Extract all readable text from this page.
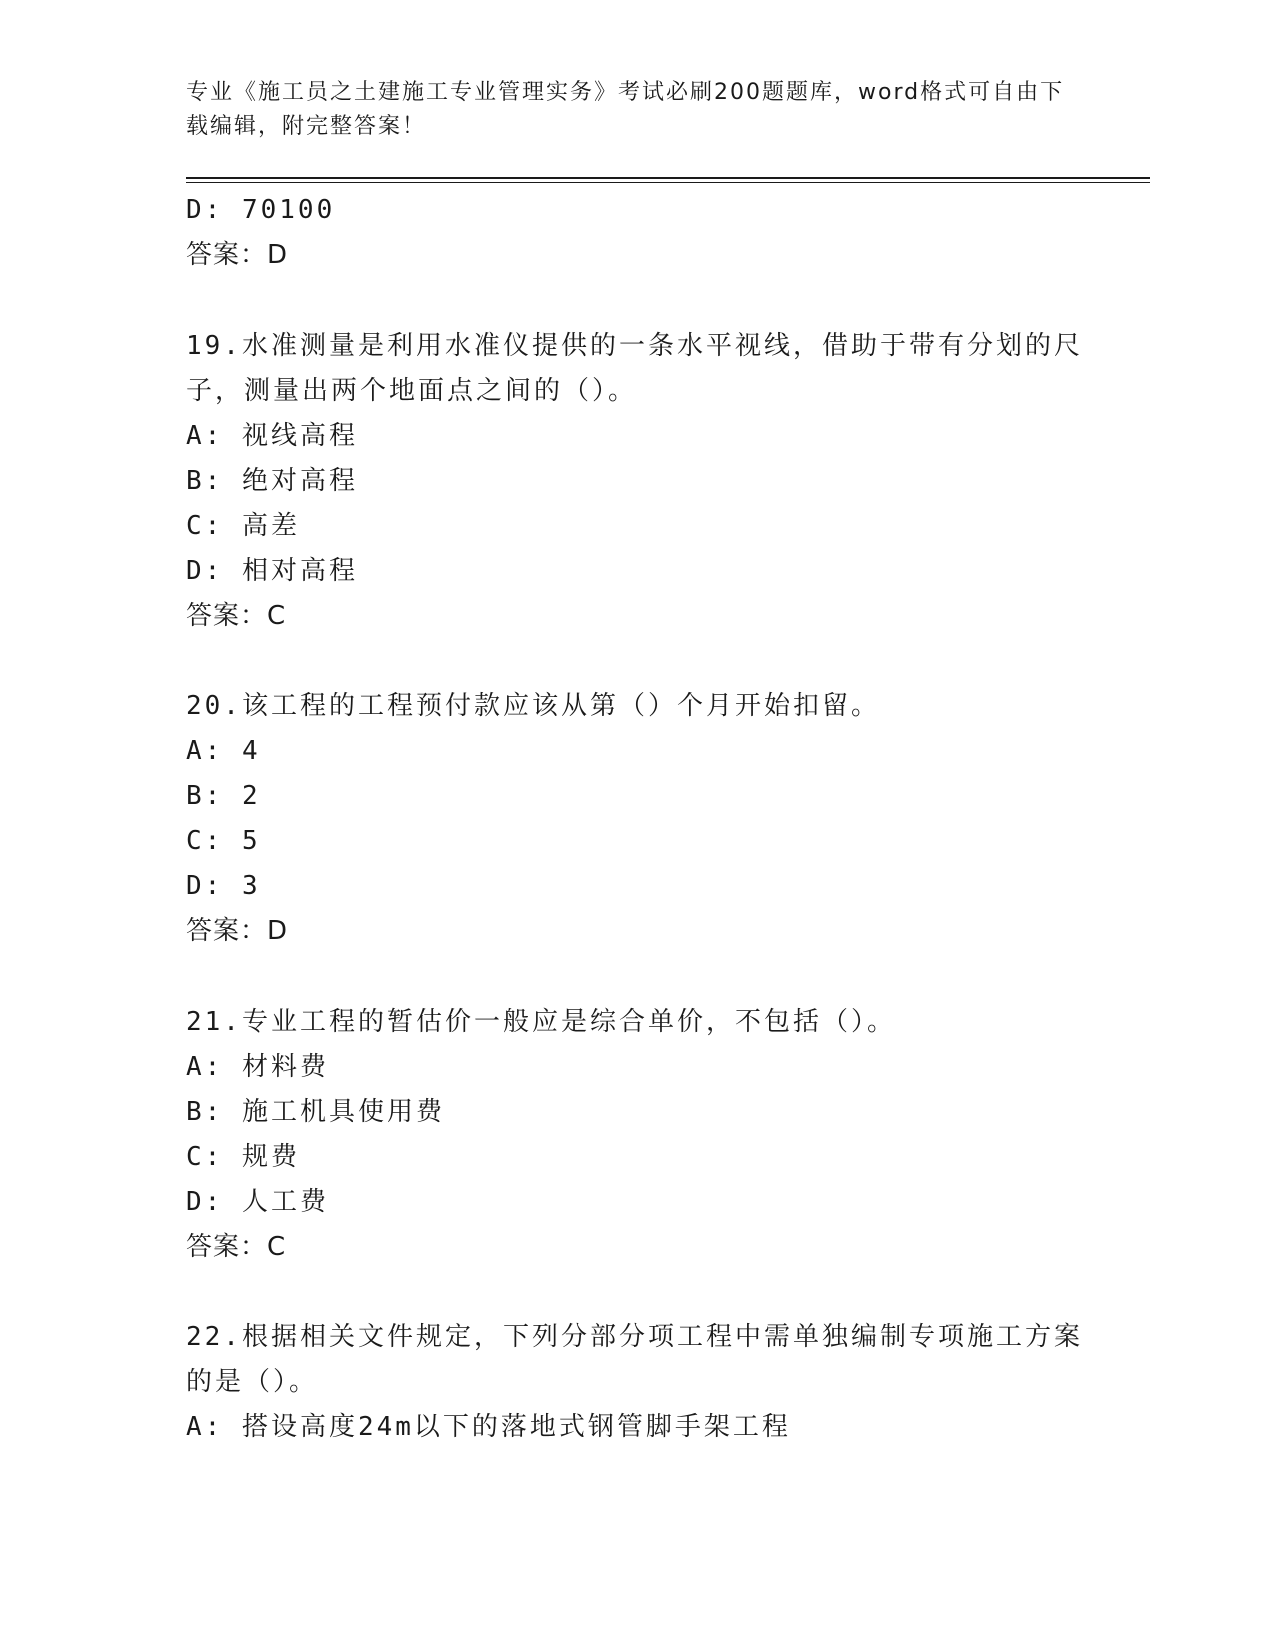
专业《施工员之土建施工专业管理实务》考试必刷200题题库，word格式可自由下载编辑，附完整答案！
D: 70100
答案：D
19.水准测量是利用水准仪提供的一条水平视线，借助于带有分划的尺
子，测量出两个地面点之间的（）。
A: 视线高程
B: 绝对高程
C: 高差
D: 相对高程
答案：C
20.该工程的工程预付款应该从第（）个月开始扣留。
A: 4
B: 2
C: 5
D: 3
答案：D
21.专业工程的暂估价一般应是综合单价，不包括（）。
A: 材料费
B: 施工机具使用费
C: 规费
D: 人工费
答案：C
22.根据相关文件规定，下列分部分项工程中需单独编制专项施工方案
的是（）。
A: 搭设高度24m以下的落地式钢管脚手架工程
